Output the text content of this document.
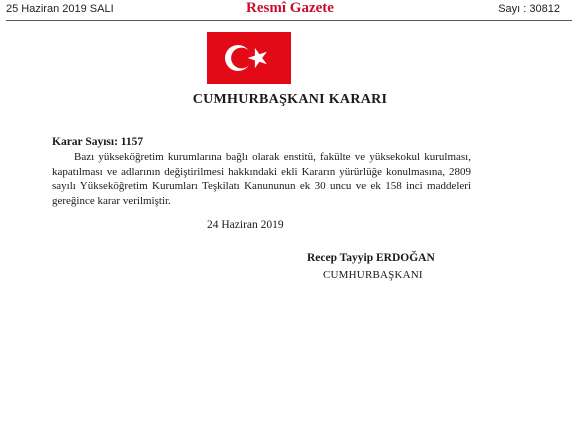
25 Haziran 2019 SALI	Resmî Gazete	Sayı : 30812
CUMHURBAŞKANI KARARI
Karar Sayısı: 1157
Bazı yükseköğretim kurumlarına bağlı olarak enstitü, fakülte ve yüksekokul kurulması,
kapatılması ve adlarının değiştirilmesi hakkındaki ekli Kararın yürürlüğe konulmasına, 2809
sayılı Yükseköğretim Kurumları Teşkilatı Kanununun ek 30 uncu ve ek 158 inci maddeleri
gereğince karar verilmiştir.
24 Haziran 2019
Recep Tayyip ERDOĞAN
CUMHURBAŞKANI
